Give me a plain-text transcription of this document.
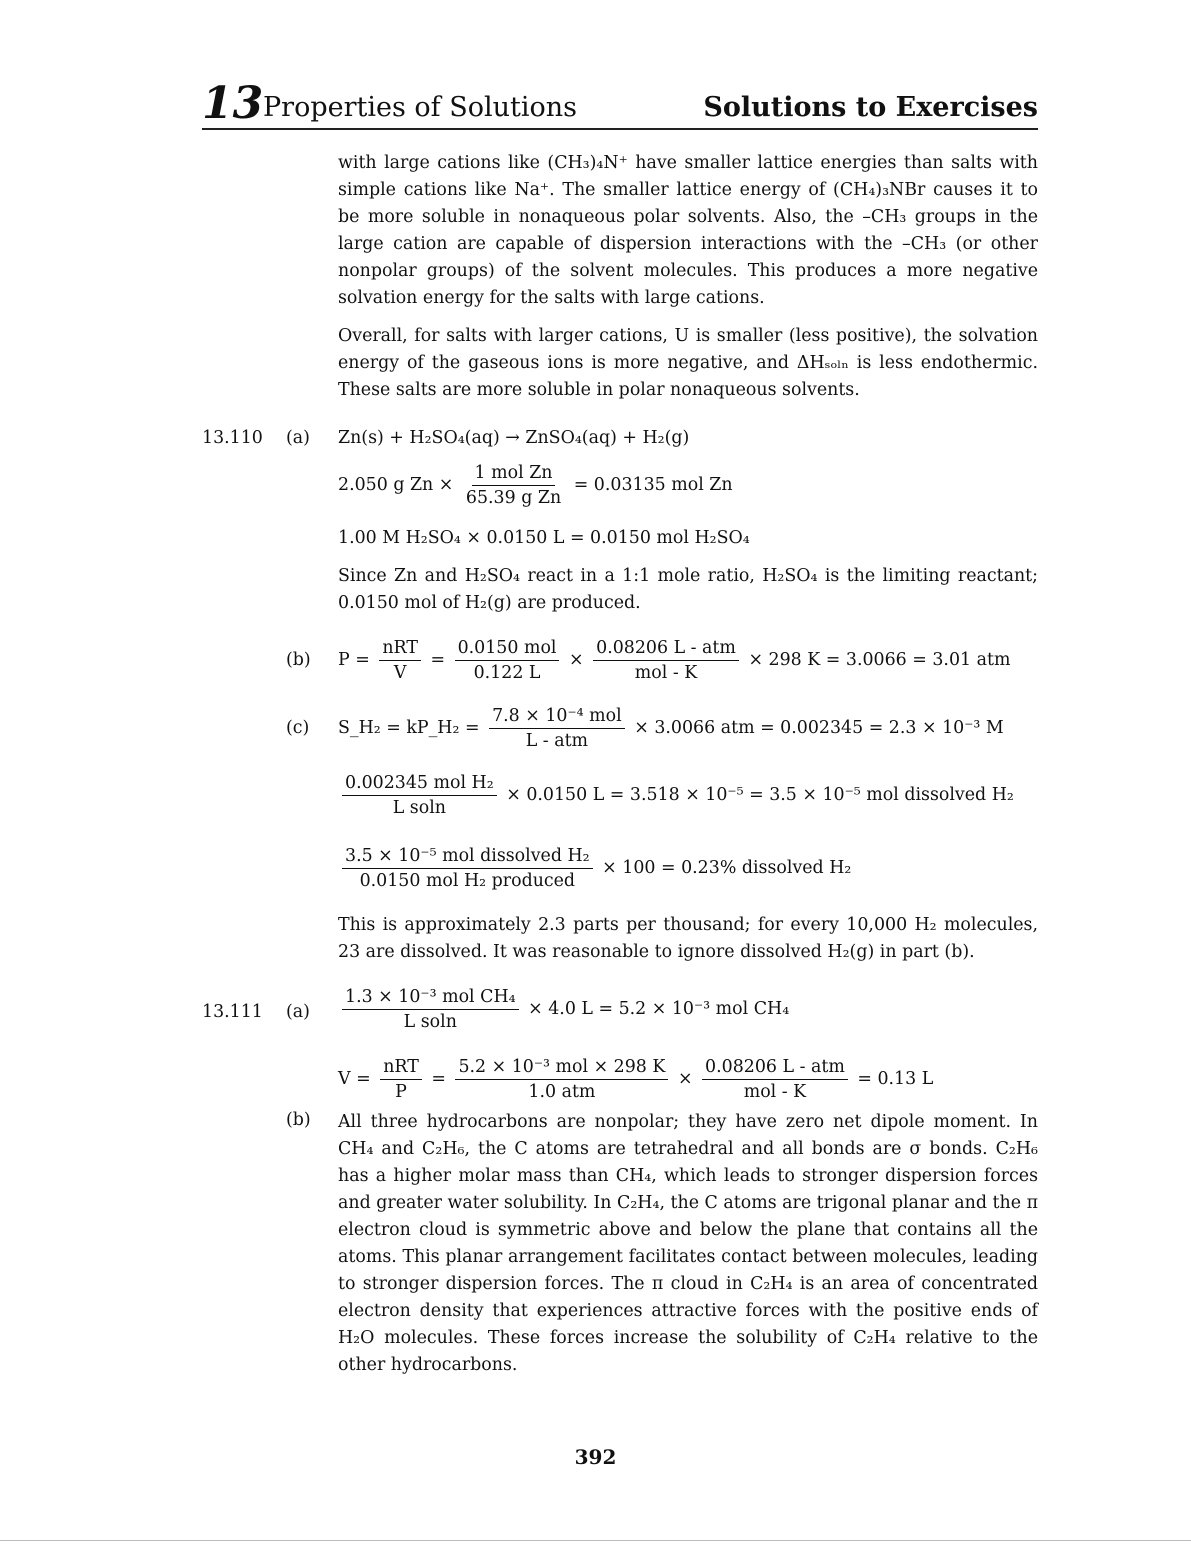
13 Properties of Solutions	Solutions to Exercises
with large cations like (CH₃)₄N⁺ have smaller lattice energies than salts with simple cations like Na⁺. The smaller lattice energy of (CH₄)₃NBr causes it to be more soluble in nonaqueous polar solvents. Also, the –CH₃ groups in the large cation are capable of dispersion interactions with the –CH₃ (or other nonpolar groups) of the solvent molecules. This produces a more negative solvation energy for the salts with large cations.
Overall, for salts with larger cations, U is smaller (less positive), the solvation energy of the gaseous ions is more negative, and ΔHₛₒₗₙ is less endothermic. These salts are more soluble in polar nonaqueous solvents.
13.110 (a) Zn(s) + H₂SO₄(aq) → ZnSO₄(aq) + H₂(g)
2.050 g $Zn \times \frac{\text{1 mol Zn}}{\text{65.39 g Zn}} = 0.03135$ mol Zn
1.00 M H₂SO₄ × 0.0150 L = 0.0150 mol H₂SO₄
Since Zn and H₂SO₄ react in a 1:1 mole ratio, H₂SO₄ is the limiting reactant; 0.0150 mol of H₂(g) are produced.
(b) $P = \frac{\text{nRT}}{V} = \frac{\text{0.0150 mol}}{0.122 L} \times \frac{\text{0.08206 L - atm}}{\text{mol - K}} \times 298$ K = 3.0066 = 3.01 atm
(c) S_H₂ = kP_H₂ = $\frac{\text{7.8 × 10⁻⁴ mol}}{\text{L - atm}} \times 3.0066$ atm = 0.002345 = 2.3 × 10⁻³ M
$\frac{\text{0.002345 mol H₂}}{\text{L soln}} \times 0.0150$ L = 3.518 × 10⁻⁵ = 3.5 × 10⁻⁵ mol dissolved H₂
$\frac{\text{3.5 × 10⁻⁵ mol dissolved H₂}}{\text{0.0150 mol H₂ produced}} \times 100 = 0.23\%$ dissolved H₂
This is approximately 2.3 parts per thousand; for every 10,000 H₂ molecules, 23 are dissolved. It was reasonable to ignore dissolved H₂(g) in part (b).
13.111 $(a) \frac{\text{1.3 × 10⁻³ mol CH₄}}{\text{L soln}} \times 4.0$ L = 5.2 × 10⁻³ mol CH₄
$V = \frac{\text{nRT}}{P} = \frac{\text{5.2 × 10⁻³ mol × 298 K}}{\text{1.0 atm}} \times \frac{\text{0.08206 L - atm}}{\text{mol - K}} = 0.13$ L
(b) All three hydrocarbons are nonpolar; they have zero net dipole moment. In CH₄ and C₂H₆, the C atoms are tetrahedral and all bonds are σ bonds. C₂H₆ has a higher molar mass than CH₄, which leads to stronger dispersion forces and greater water solubility. In C₂H₄, the C atoms are trigonal planar and the π electron cloud is symmetric above and below the plane that contains all the atoms. This planar arrangement facilitates contact between molecules, leading to stronger dispersion forces. The π cloud in C₂H₄ is an area of concentrated electron density that experiences attractive forces with the positive ends of H₂O molecules. These forces increase the solubility of C₂H₄ relative to the other hydrocarbons.
392
